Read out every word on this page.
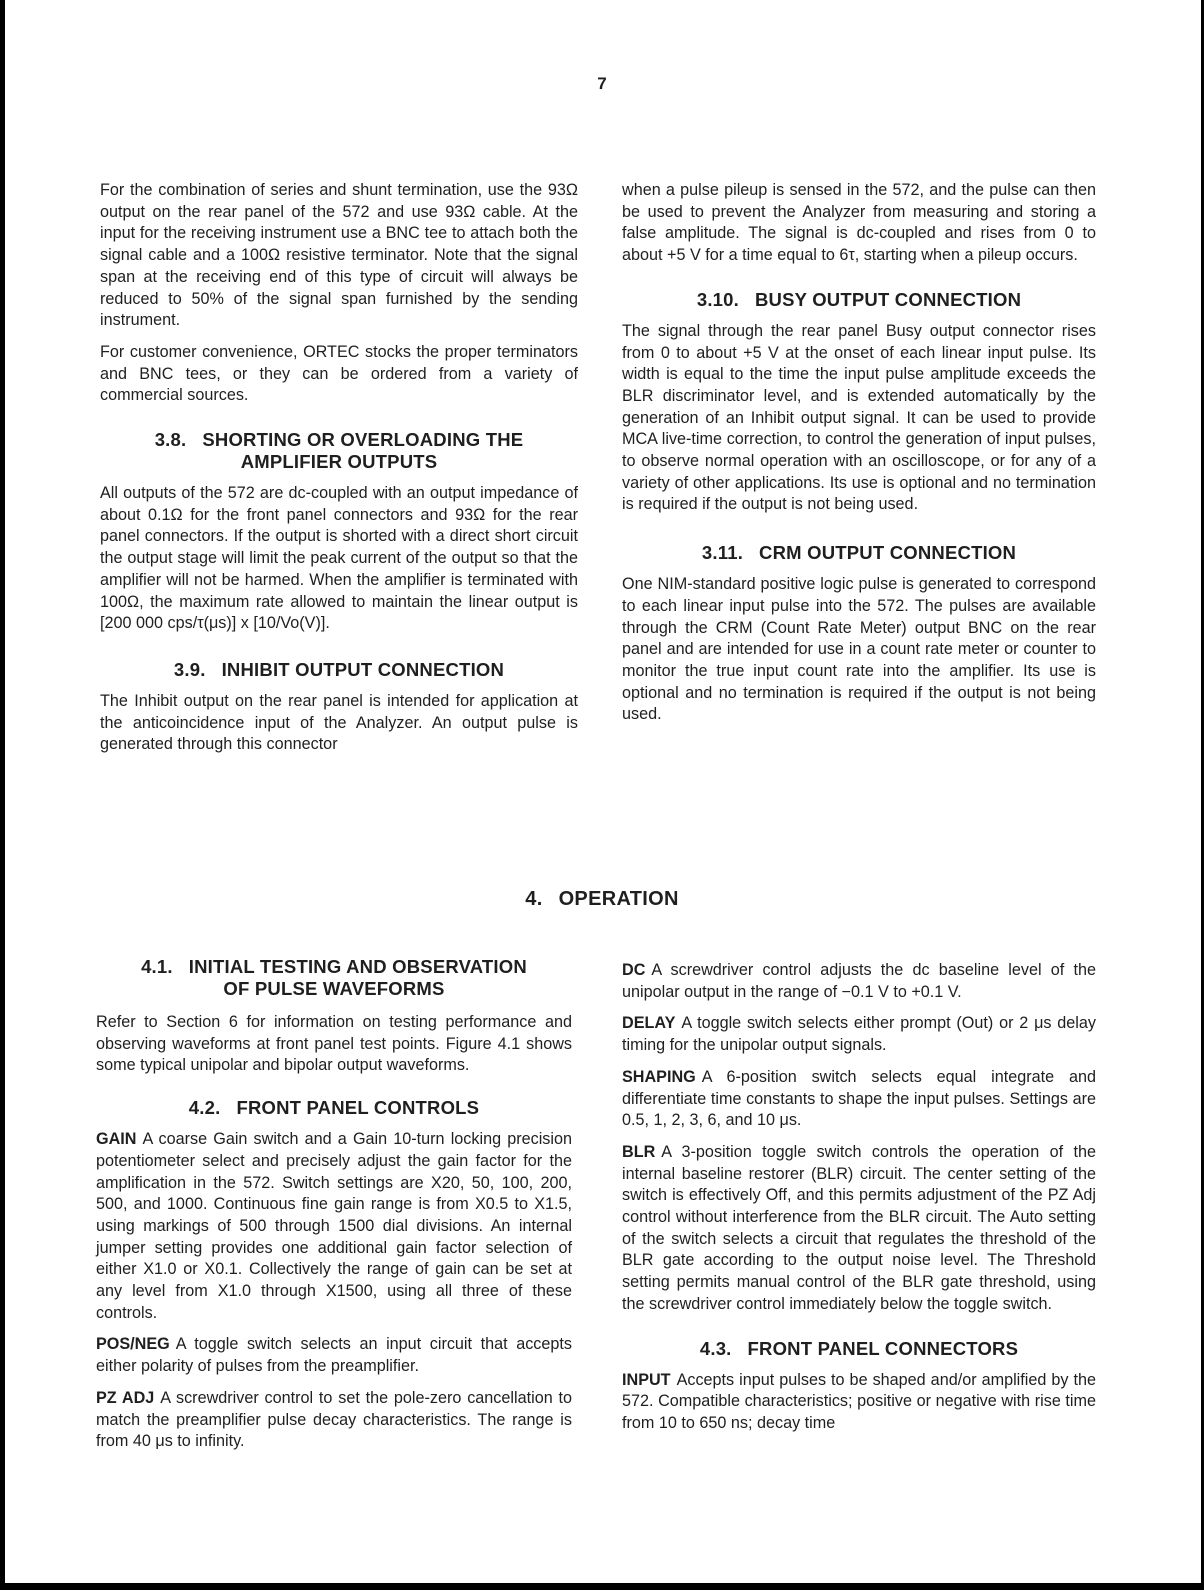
7

For the combination of series and shunt termination, use the 93Ω output on the rear panel of the 572 and use 93Ω cable. At the input for the receiving instrument use a BNC tee to attach both the signal cable and a 100Ω resistive terminator. Note that the signal span at the receiving end of this type of circuit will always be reduced to 50% of the signal span furnished by the sending instrument.

For customer convenience, ORTEC stocks the proper terminators and BNC tees, or they can be ordered from a variety of commercial sources.

3.8. SHORTING OR OVERLOADING THE AMPLIFIER OUTPUTS

All outputs of the 572 are dc-coupled with an output impedance of about 0.1Ω for the front panel connectors and 93Ω for the rear panel connectors. If the output is shorted with a direct short circuit the output stage will limit the peak current of the output so that the amplifier will not be harmed. When the amplifier is terminated with 100Ω, the maximum rate allowed to maintain the linear output is [200 000 cps/τ(μs)] x [10/Vo(V)].

3.9. INHIBIT OUTPUT CONNECTION

The Inhibit output on the rear panel is intended for application at the anticoincidence input of the Analyzer. An output pulse is generated through this connector

when a pulse pileup is sensed in the 572, and the pulse can then be used to prevent the Analyzer from measuring and storing a false amplitude. The signal is dc-coupled and rises from 0 to about +5 V for a time equal to 6τ, starting when a pileup occurs.

3.10. BUSY OUTPUT CONNECTION

The signal through the rear panel Busy output connector rises from 0 to about +5 V at the onset of each linear input pulse. Its width is equal to the time the input pulse amplitude exceeds the BLR discriminator level, and is extended automatically by the generation of an Inhibit output signal. It can be used to provide MCA live-time correction, to control the generation of input pulses, to observe normal operation with an oscilloscope, or for any of a variety of other applications. Its use is optional and no termination is required if the output is not being used.

3.11. CRM OUTPUT CONNECTION

One NIM-standard positive logic pulse is generated to correspond to each linear input pulse into the 572. The pulses are available through the CRM (Count Rate Meter) output BNC on the rear panel and are intended for use in a count rate meter or counter to monitor the true input count rate into the amplifier. Its use is optional and no termination is required if the output is not being used.

4. OPERATION
4.1. INITIAL TESTING AND OBSERVATION OF PULSE WAVEFORMS

Refer to Section 6 for information on testing performance and observing waveforms at front panel test points. Figure 4.1 shows some typical unipolar and bipolar output waveforms.

4.2. FRONT PANEL CONTROLS

GAIN A coarse Gain switch and a Gain 10-turn locking precision potentiometer select and precisely adjust the gain factor for the amplification in the 572. Switch settings are X20, 50, 100, 200, 500, and 1000. Continuous fine gain range is from X0.5 to X1.5, using markings of 500 through 1500 dial divisions. An internal jumper setting provides one additional gain factor selection of either X1.0 or X0.1. Collectively the range of gain can be set at any level from X1.0 through X1500, using all three of these controls.

POS/NEG A toggle switch selects an input circuit that accepts either polarity of pulses from the preamplifier.

PZ ADJ A screwdriver control to set the pole-zero cancellation to match the preamplifier pulse decay characteristics. The range is from 40 μs to infinity.

DC A screwdriver control adjusts the dc baseline level of the unipolar output in the range of −0.1 V to +0.1 V.

DELAY A toggle switch selects either prompt (Out) or 2 μs delay timing for the unipolar output signals.

SHAPING A 6-position switch selects equal integrate and differentiate time constants to shape the input pulses. Settings are 0.5, 1, 2, 3, 6, and 10 μs.

BLR A 3-position toggle switch controls the operation of the internal baseline restorer (BLR) circuit. The center setting of the switch is effectively Off, and this permits adjustment of the PZ Adj control without interference from the BLR circuit. The Auto setting of the switch selects a circuit that regulates the threshold of the BLR gate according to the output noise level. The Threshold setting permits manual control of the BLR gate threshold, using the screwdriver control immediately below the toggle switch.

4.3. FRONT PANEL CONNECTORS

INPUT Accepts input pulses to be shaped and/or amplified by the 572. Compatible characteristics; positive or negative with rise time from 10 to 650 ns; decay time
